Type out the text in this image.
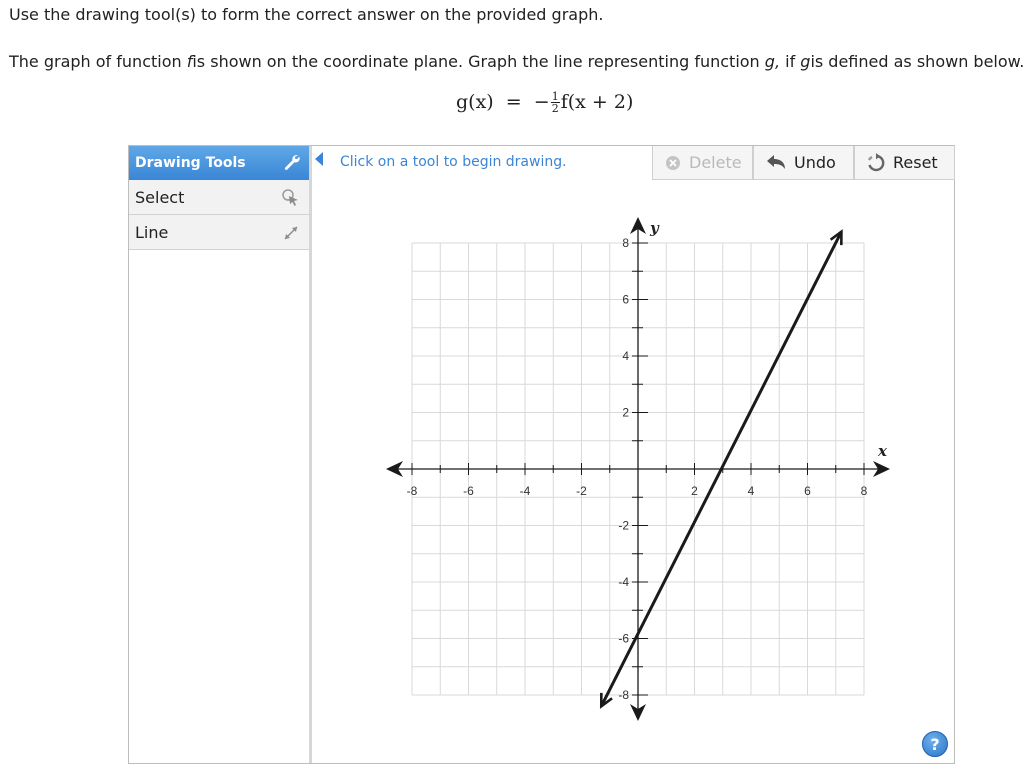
Use the drawing tool(s) to form the correct answer on the provided graph.
The graph of function fis shown on the coordinate plane. Graph the line representing function g, if gis defined as shown below.
g(x)  =  − $\frac{1}{2} f(x + 2)$
Drawing Tools
Select
Line
Click on a tool to begin drawing.	Delete	Undo	Reset
-8	-6	-4	-2	2	4	6	8
8
6
4
2
-2
-4
-6
-8
x
y
?
